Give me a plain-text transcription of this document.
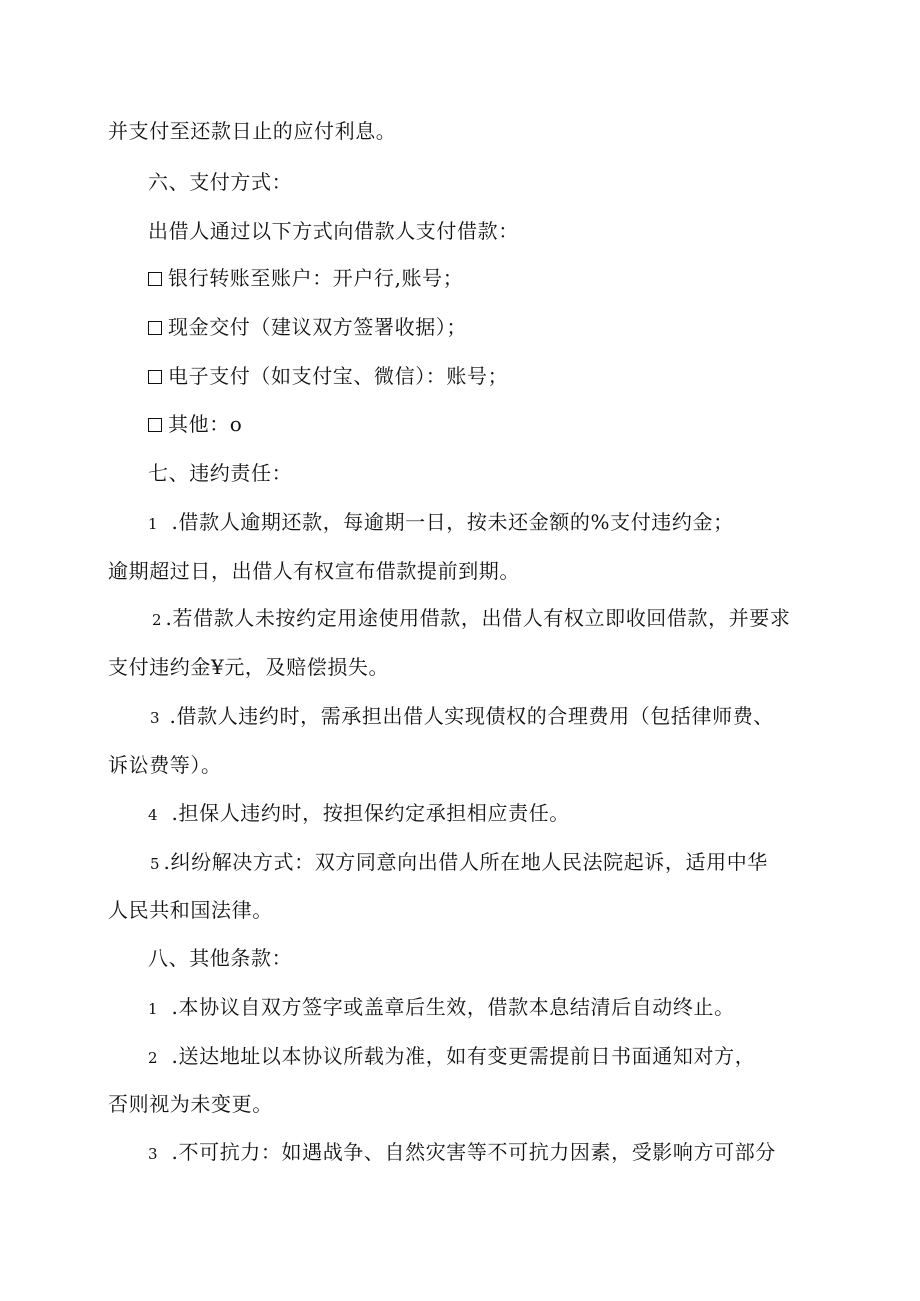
并支付至还款日止的应付利息。
六、支付方式：
出借人通过以下方式向借款人支付借款：
银行转账至账户：开户行,账号；
现金交付（建议双方签署收据）；
电子支付（如支付宝、微信）：账号；
其他：o
七、违约责任：
1 .借款人逾期还款，每逾期一日，按未还金额的%支付违约金；
逾期超过日，出借人有权宣布借款提前到期。
2 .若借款人未按约定用途使用借款，出借人有权立即收回借款，并要求
支付违约金¥元，及赔偿损失。
3 .借款人违约时，需承担出借人实现债权的合理费用（包括律师费、
诉讼费等）。
4 .担保人违约时，按担保约定承担相应责任。
5 .纠纷解决方式：双方同意向出借人所在地人民法院起诉，适用中华
人民共和国法律。
八、其他条款：
1 .本协议自双方签字或盖章后生效，借款本息结清后自动终止。
2 .送达地址以本协议所载为准，如有变更需提前日书面通知对方，
否则视为未变更。
3 .不可抗力：如遇战争、自然灾害等不可抗力因素，受影响方可部分
